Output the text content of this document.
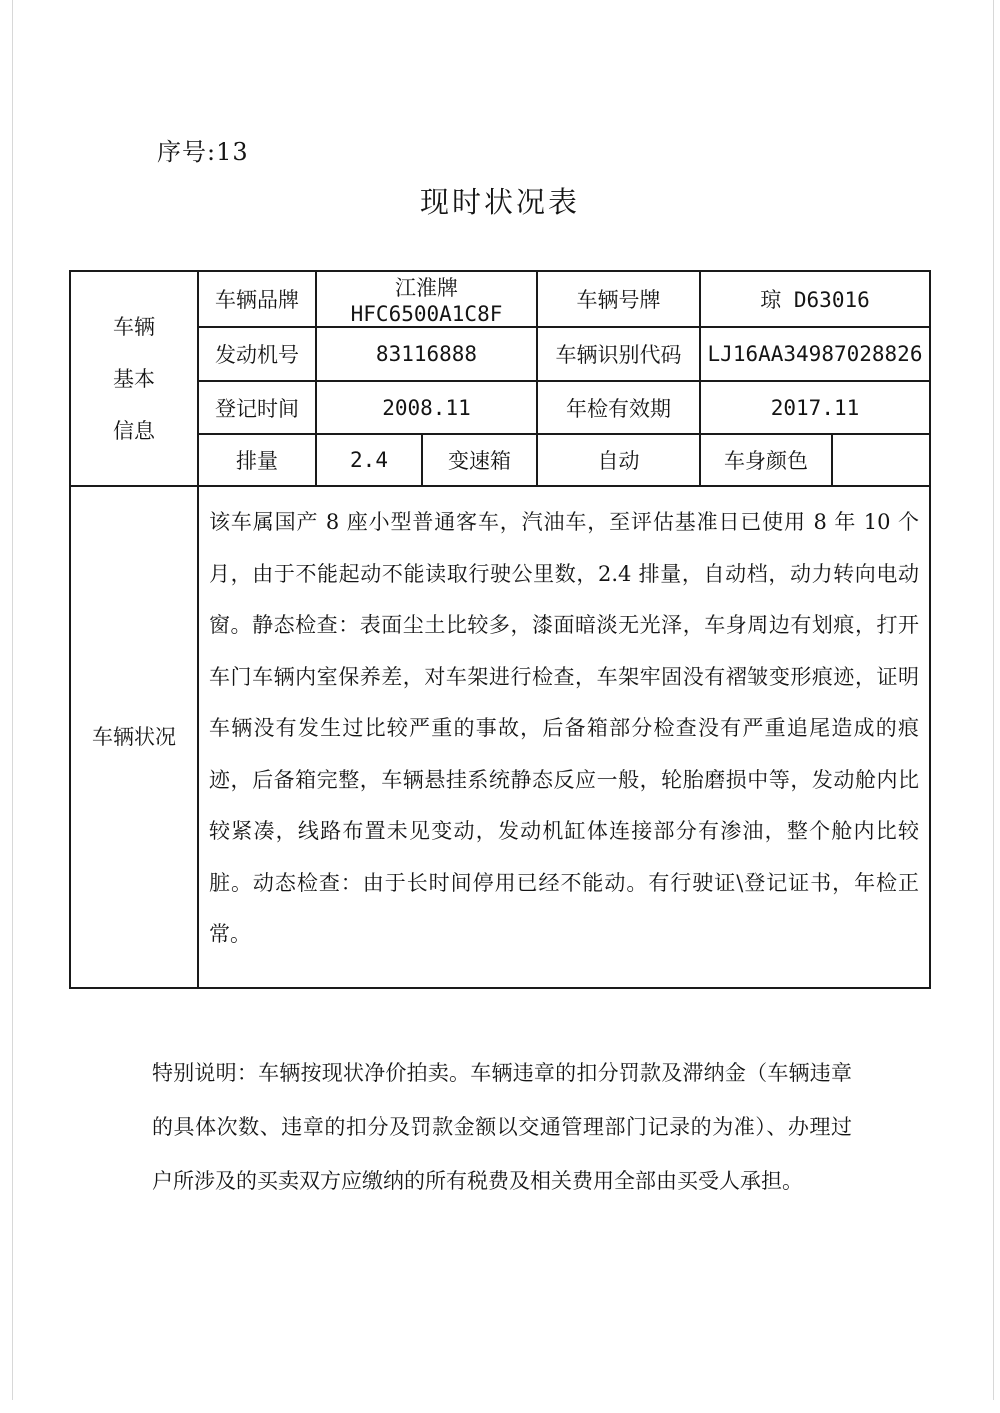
序号:13
现时状况表
车辆
基本
信息	车辆品牌	江淮牌 HFC6500A1C8F		车辆号牌	琼 D63016	
	发动机号	83116888		车辆识别代码	LJ16AA34987028826	
	登记时间	2008.11		年检有效期	2017.11	
	排量	2.4	变速箱	自动	车身颜色	
车辆状况	该车属国产 8 座小型普通客车，汽油车，至评估基准日已使用 8 年 10 个月，由于不能起动不能读取行驶公里数，2.4 排量，自动档，动力转向电动窗。静态检查：表面尘土比较多，漆面暗淡无光泽，车身周边有划痕，打开车门车辆内室保养差，对车架进行检查，车架牢固没有褶皱变形痕迹，证明车辆没有发生过比较严重的事故，后备箱部分检查没有严重追尾造成的痕迹，后备箱完整，车辆悬挂系统静态反应一般，轮胎磨损中等，发动舱内比较紧凑，线路布置未见变动，发动机缸体连接部分有渗油，整个舱内比较脏。动态检查：由于长时间停用已经不能动。有行驶证\登记证书，年检正常。					
特别说明：车辆按现状净价拍卖。车辆违章的扣分罚款及滞纳金（车辆违章的具体次数、违章的扣分及罚款金额以交通管理部门记录的为准）、办理过户所涉及的买卖双方应缴纳的所有税费及相关费用全部由买受人承担。
